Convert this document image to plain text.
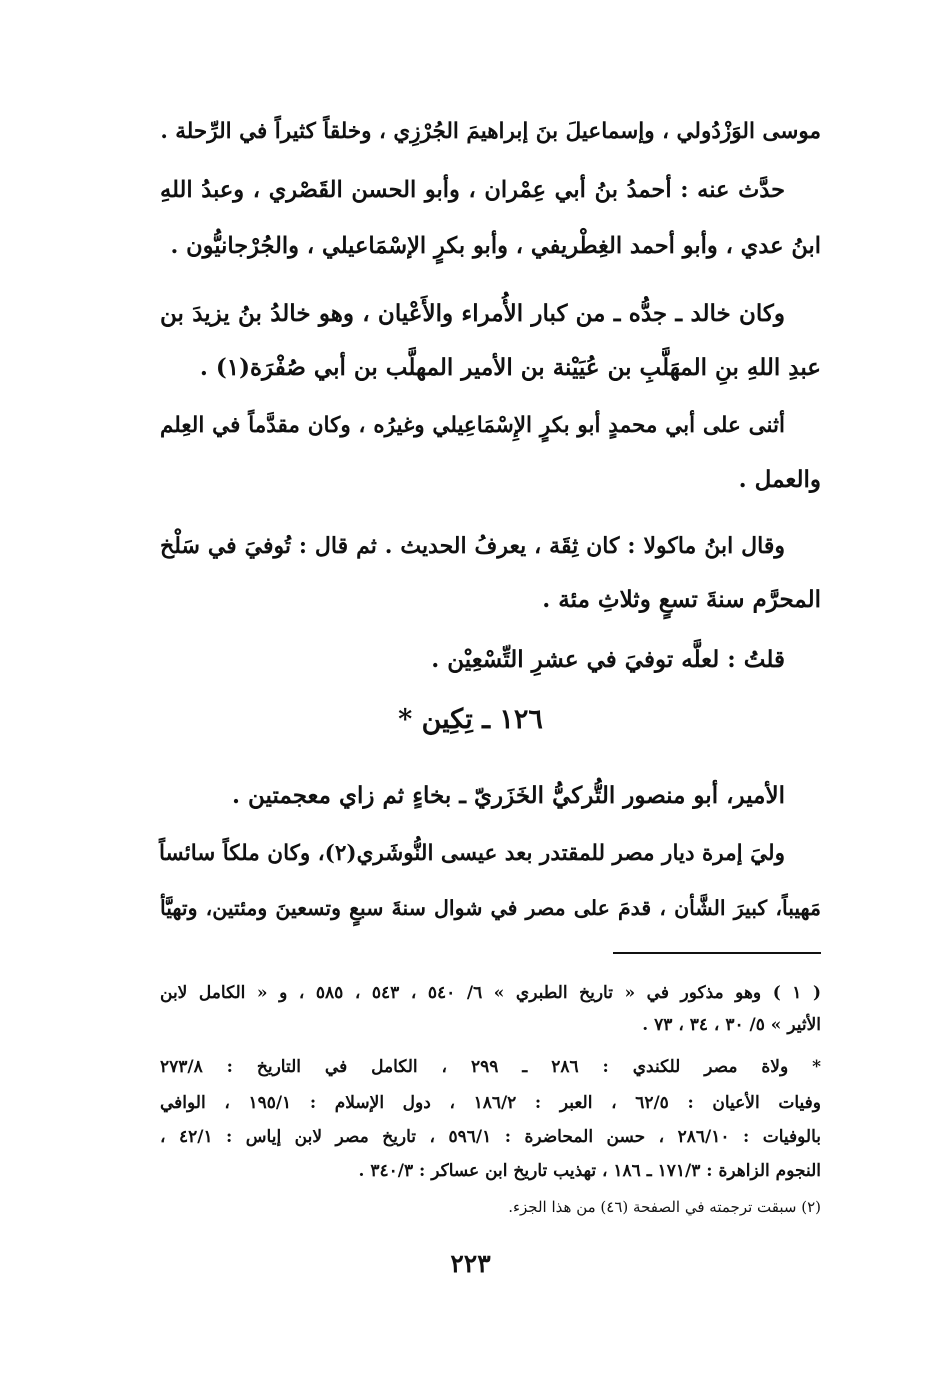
موسى الوَزْدُولي ، وإسماعيلَ بنَ إبراهيمَ الجُرْزِي ، وخلقاً كثيراً في الرِّحلة .
حدَّث عنه : أحمدُ بنُ أبي عِمْران ، وأبو الحسن القَصْري ، وعبدُ اللهِ
ابنُ عدي ، وأبو أحمد الغِطْريفي ، وأبو بكرٍ الإسْمَاعيلي ، والجُرْجانيُّون .
وكان خالد ـ جدُّه ـ من كبار الأُمراء والأَعْيان ، وهو خالدُ بنُ يزيدَ بن
عبدِ اللهِ بنِ المهَلَّبِ بن عُيَيْنة بن الأمير المهلَّب بن أبي صُفْرَة(١) .
أثنى على أبي محمدٍ أبو بكرٍ الإِسْمَاعِيلي وغيرُه ، وكان مقدَّماً في العِلم
والعمل .
وقال ابنُ ماكولا : كان ثِقَة ، يعرفُ الحديث . ثم قال : تُوفيَ في سَلْخ
المحرَّم سنةَ تسعٍ وثلاثِ مئة .
قلتُ : لعلَّه توفيَ في عشرِ التِّسْعِيْن .
١٢٦ ـ تِكِين *
الأمير، أبو منصور التُّركيُّ الخَزَريّ ـ بخاءٍ ثم زاي معجمتين .
وليَ إمرة ديار مصر للمقتدر بعد عيسى النُّوشَري(٢)، وكان ملكاً سائساً
مَهيباً، كبيرَ الشَّأن ، قدمَ على مصر في شوال سنةَ سبعٍ وتسعينَ ومئتين، وتهيَّأ
( ١ ) وهو مذكور في « تاريخ الطبري » ٦/ ٥٤٠ ، ٥٤٣ ، ٥٨٥ ، و « الكامل لابن
الأثير » ٥/ ٣٠ ، ٣٤ ، ٧٣ .
* ولاة مصر للكندي : ٢٨٦ ـ ٢٩٩ ، الكامل في التاريخ : ٢٧٣/٨
وفيات الأعيان : ٦٢/٥ ، العبر : ١٨٦/٢ ، دول الإسلام : ١٩٥/١ ، الوافي
بالوفيات : ٢٨٦/١٠ ، حسن المحاضرة : ٥٩٦/١ ، تاريخ مصر لابن إياس : ٤٢/١ ،
النجوم الزاهرة : ١٧١/٣ ـ ١٨٦ ، تهذيب تاريخ ابن عساكر : ٣٤٠/٣ .
(٢) سبقت ترجمته في الصفحة (٤٦) من هذا الجزء.
٢٢٣
